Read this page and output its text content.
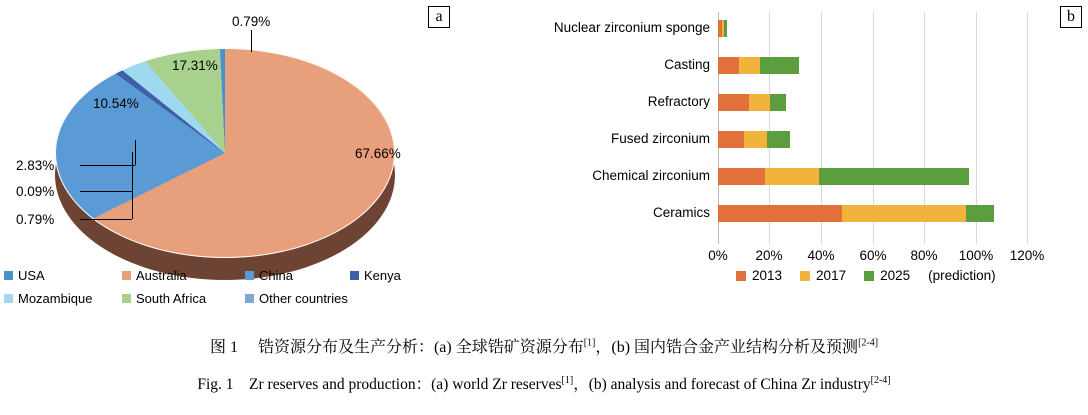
a
0.79%
17.31%
10.54%
2.83%
0.09%
0.79%
67.66%
USA	Australia	China	Kenya
Mozambique	South Africa	Other countries
b
Nuclear zirconium sponge
Casting
Refractory
Fused zirconium
Chemical zirconium
Ceramics
0% 20% 40% 60% 80% 100% 120%
2013	2017	2025 (prediction)
图 1 锆资源分布及生产分析：(a) 全球锆矿资源分布[1]，(b) 国内锆合金产业结构分析及预测[2-4]
Fig. 1 Zr reserves and production：(a) world Zr reserves[1]，(b) analysis and forecast of China Zr industry[2-4]
